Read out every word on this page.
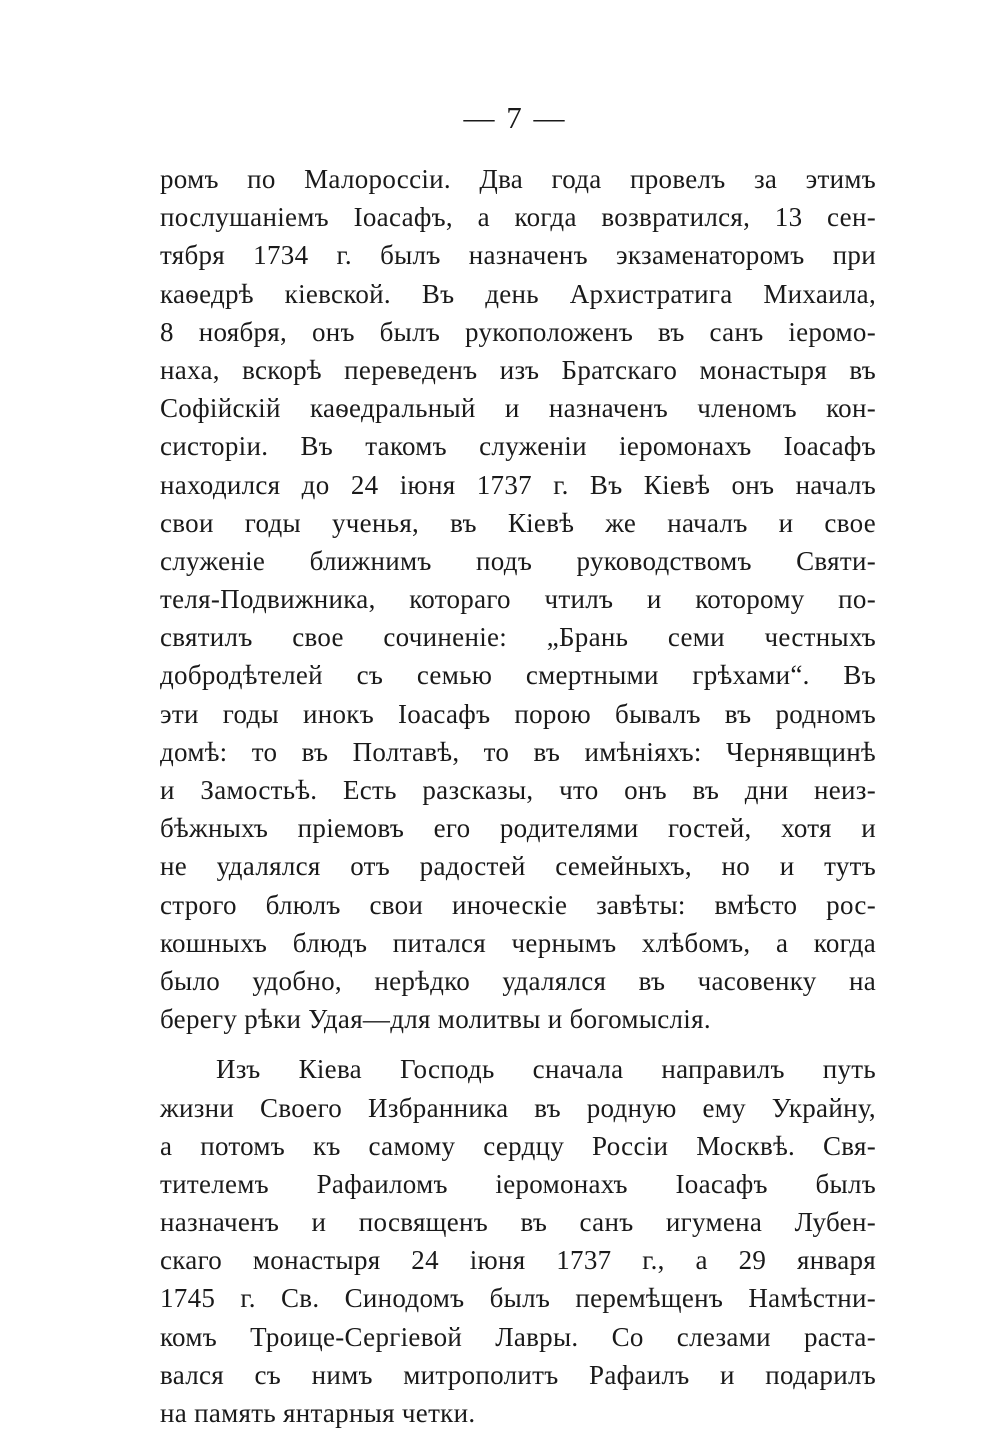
— 7 —
ромъ по Малороссіи. Два года провелъ за этимъ
послушаніемъ Іоасафъ, а когда возвратился, 13 сен-
тября 1734 г. былъ назначенъ экзаменаторомъ при
каѳедрѣ кіевской. Въ день Архистратига Михаила,
8 ноября, онъ былъ рукоположенъ въ санъ іеромо-
наха, вскорѣ переведенъ изъ Братскаго монастыря въ
Софійскій каѳедральный и назначенъ членомъ кон-
систоріи. Въ такомъ служеніи іеромонахъ Іоасафъ
находился до 24 іюня 1737 г. Въ Кіевѣ онъ началъ
свои годы ученья, въ Кіевѣ же началъ и свое
служеніе ближнимъ подъ руководствомъ Святи-
теля-Подвижника, котораго чтилъ и которому по-
святилъ свое сочиненіе: „Брань семи честныхъ
добродѣтелей съ семью смертными грѣхами“. Въ
эти годы инокъ Іоасафъ порою бывалъ въ родномъ
домѣ: то въ Полтавѣ, то въ имѣніяхъ: Чернявщинѣ
и Замостьѣ. Есть разсказы, что онъ въ дни неиз-
бѣжныхъ пріемовъ его родителями гостей, хотя и
не удалялся отъ радостей семейныхъ, но и тутъ
строго блюлъ свои иноческіе завѣты: вмѣсто рос-
кошныхъ блюдъ питался чернымъ хлѣбомъ, а когда
было удобно, нерѣдко удалялся въ часовенку на
берегу рѣки Удая—для молитвы и богомыслія.
Изъ Кіева Господь сначала направилъ путь
жизни Своего Избранника въ родную ему Украйну,
а потомъ къ самому сердцу Россіи Москвѣ. Свя-
тителемъ Рафаиломъ іеромонахъ Іоасафъ былъ
назначенъ и посвященъ въ санъ игумена Лубен-
скаго монастыря 24 іюня 1737 г., а 29 января
1745 г. Св. Синодомъ былъ перемѣщенъ Намѣстни-
комъ Троице-Сергіевой Лавры. Со слезами растa-
вался съ нимъ митрополитъ Рафаилъ и подарилъ
на память янтарныя четки.
